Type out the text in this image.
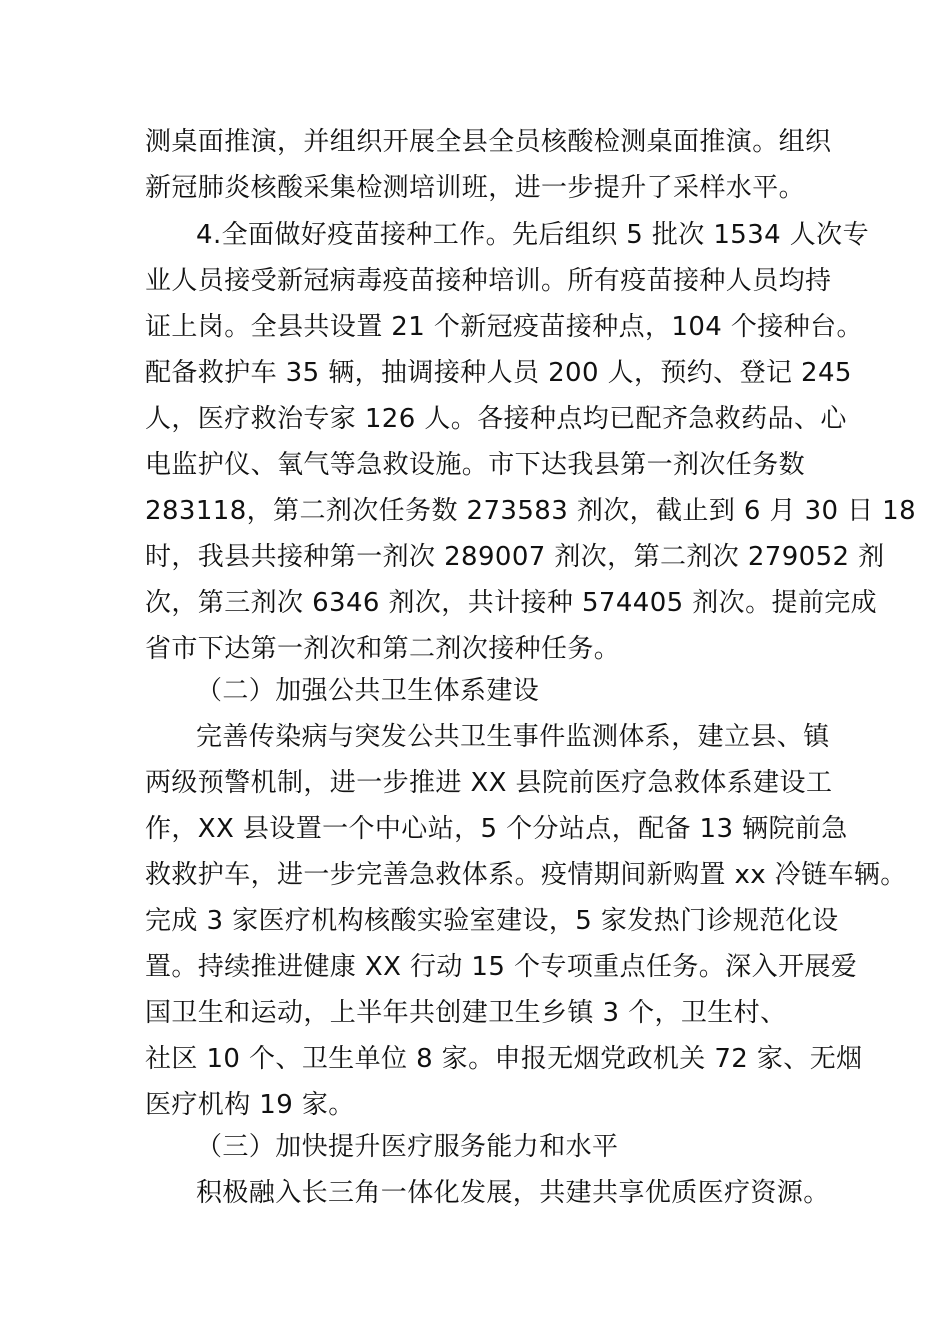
测桌面推演，并组织开展全县全员核酸检测桌面推演。组织
新冠肺炎核酸采集检测培训班，进一步提升了采样水平。
4.全面做好疫苗接种工作。先后组织 5 批次 1534 人次专
业人员接受新冠病毒疫苗接种培训。所有疫苗接种人员均持
证上岗。全县共设置 21 个新冠疫苗接种点，104 个接种台。
配备救护车 35 辆，抽调接种人员 200 人，预约、登记 245
人，医疗救治专家 126 人。各接种点均已配齐急救药品、心
电监护仪、氧气等急救设施。市下达我县第一剂次任务数
283118，第二剂次任务数 273583 剂次，截止到 6 月 30 日 18
时，我县共接种第一剂次 289007 剂次，第二剂次 279052 剂
次，第三剂次 6346 剂次，共计接种 574405 剂次。提前完成
省市下达第一剂次和第二剂次接种任务。
（二）加强公共卫生体系建设
完善传染病与突发公共卫生事件监测体系，建立县、镇
两级预警机制，进一步推进 XX 县院前医疗急救体系建设工
作，XX 县设置一个中心站，5 个分站点，配备 13 辆院前急
救救护车，进一步完善急救体系。疫情期间新购置 xx 冷链车辆。
完成 3 家医疗机构核酸实验室建设，5 家发热门诊规范化设
置。持续推进健康 XX 行动 15 个专项重点任务。深入开展爱
国卫生和运动，上半年共创建卫生乡镇 3 个，卫生村、
社区 10 个、卫生单位 8 家。申报无烟党政机关 72 家、无烟
医疗机构 19 家。
（三）加快提升医疗服务能力和水平
积极融入长三角一体化发展，共建共享优质医疗资源。
